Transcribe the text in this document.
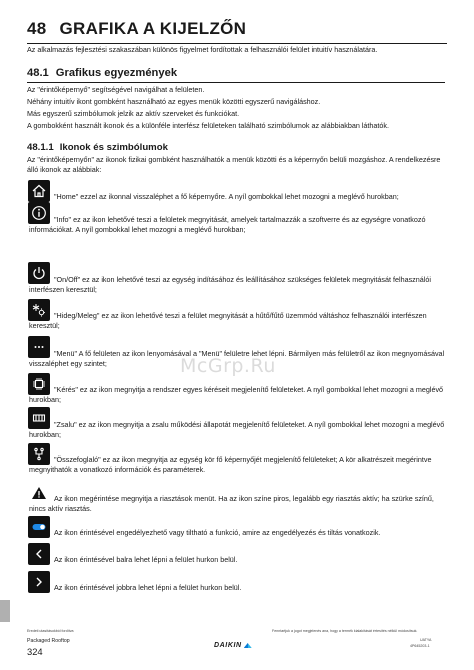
48 GRAFIKA A KIJELZŐN
Az alkalmazás fejlesztési szakaszában különös figyelmet fordítottak a felhasználói felület intuitív használatára.
48.1 Grafikus egyezmények
Az "érintőképernyő" segítségével navigálhat a felületen.
Néhány intuitív ikont gombként használható az egyes menük közötti egyszerű navigáláshoz.
Más egyszerű szimbólumok jelzik az aktív szerveket és funkciókat.
A gombokként használt ikonok és a különféle interfész felületeken található szimbólumok az alábbiakban láthatók.
48.1.1 Ikonok és szimbólumok
Az "érintőképernyőn" az ikonok fizikai gombként használhatók a menük közötti és a képernyőn belüli mozgáshoz. A rendelkezésre álló ikonok az alábbiak:
"Home" ezzel az ikonnal visszaléphet a fő képernyőre. A nyíl gombokkal lehet mozogni a meglévő hurokban;
"Info" ez az ikon lehetővé teszi a felületek megnyitását, amelyek tartalmazzák a szoftverre és az egységre vonatkozó információkat. A nyíl gombokkal lehet mozogni a meglévő hurokban;
"On/Off" ez az ikon lehetővé teszi az egység indításához és leállításához szükséges felületek megnyitását felhasználói interfészen keresztül;
"Hideg/Meleg" ez az ikon lehetővé teszi a felület megnyitását a hűtő/fűtő üzemmód váltáshoz felhasználói interfészen keresztül;
"Menü" A fő felületen az ikon lenyomásával a "Menü" felületre lehet lépni. Bármilyen más felületről az ikon megnyomásával visszaléphet egy szintet;
"Kérés" ez az ikon megnyitja a rendszer egyes kéréseit megjelenítő felületeket. A nyíl gombokkal lehet mozogni a meglévő hurokban;
"Zsalu" ez az ikon megnyitja a zsalu működési állapotát megjelenítő felületeket. A nyíl gombokkal lehet mozogni a meglévő hurokban;
"Összefoglaló" ez az ikon megnyitja az egység kör fő képernyőjét megjelenítő felületeket; A kör alkatrészeit megérintve megnyithatók a vonatkozó információk és paraméterek.
Az ikon megérintése megnyitja a riasztások menüt. Ha az ikon színe piros, legalább egy riasztás aktív; ha szürke színű, nincs aktív riasztás.
Az ikon érintésével engedélyezhető vagy tiltható a funkció, amire az engedélyezés és tiltás vonatkozik.
Az ikon érintésével balra lehet lépni a felület hurkon belül.
Az ikon érintésével jobbra lehet lépni a felület hurkon belül.
McGrp.Ru
Eredeti utasításokból fordítva
Packaged Rooftop
324
DAIKIN
Fenntartjuk a jogot megjelenés ana, hogy a termék kialakítását értesítés nélkül módosítsuk.
UATYA
4P645203-1
